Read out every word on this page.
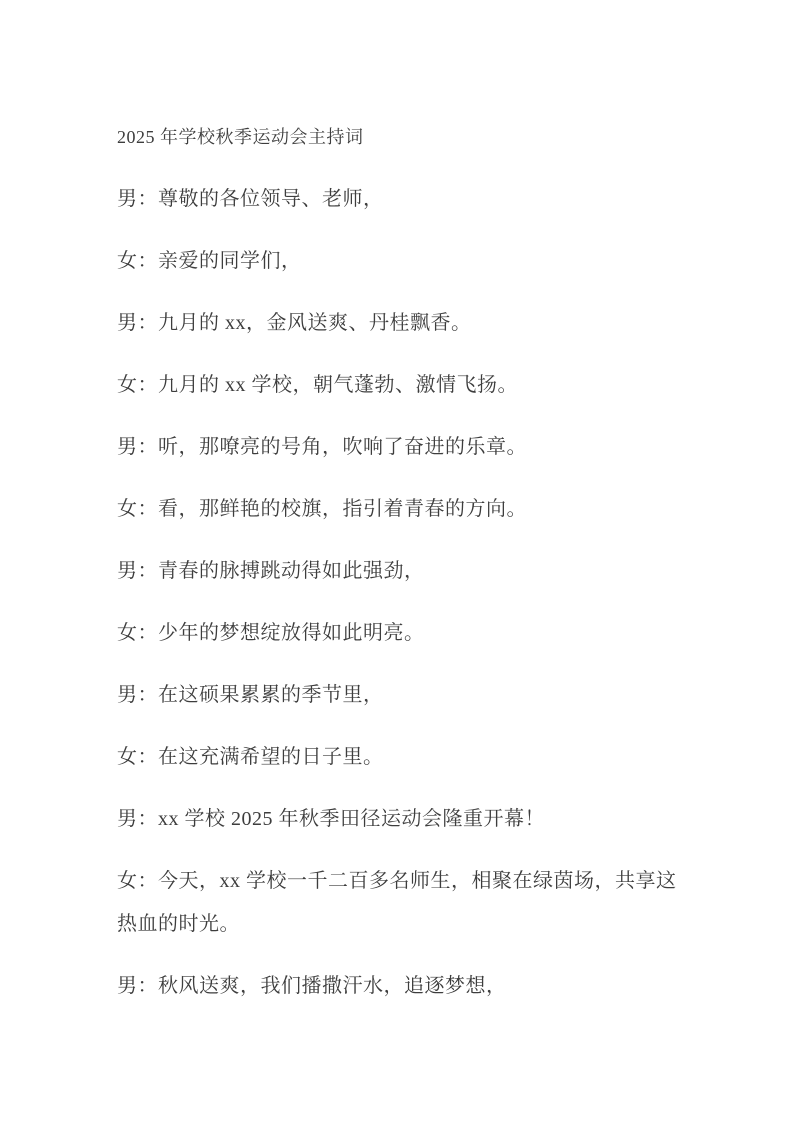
2025 年学校秋季运动会主持词

男：尊敬的各位领导、老师，

女：亲爱的同学们，

男：九月的 xx，金风送爽、丹桂飘香。

女：九月的 xx 学校，朝气蓬勃、激情飞扬。

男：听，那嘹亮的号角，吹响了奋进的乐章。

女：看，那鲜艳的校旗，指引着青春的方向。

男：青春的脉搏跳动得如此强劲，

女：少年的梦想绽放得如此明亮。

男：在这硕果累累的季节里，

女：在这充满希望的日子里。

男：xx 学校 2025 年秋季田径运动会隆重开幕！

女：今天，xx 学校一千二百多名师生，相聚在绿茵场，共享这热血的时光。

男：秋风送爽，我们播撒汗水，追逐梦想，
